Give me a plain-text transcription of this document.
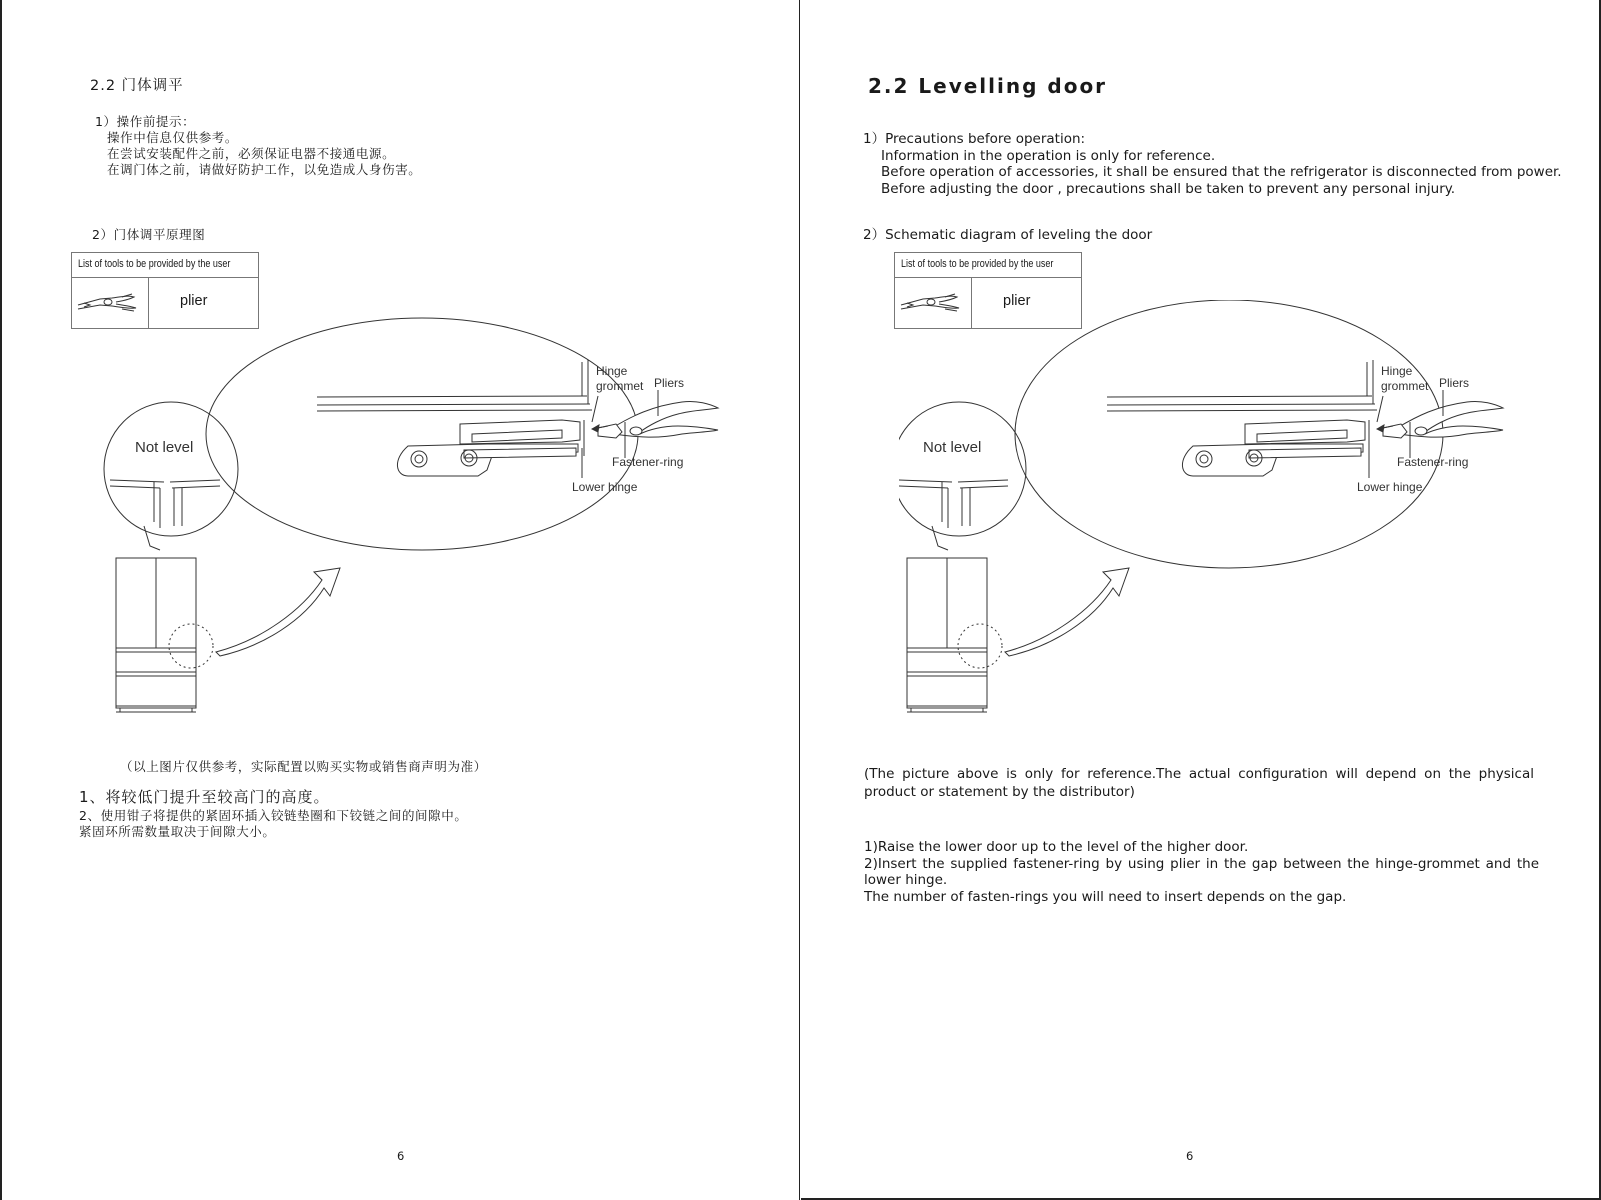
2.2 门体调平
1）操作前提示：
操作中信息仅供参考。
在尝试安装配件之前，必须保证电器不接通电源。
在调门体之前，请做好防护工作，以免造成人身伤害。
2）门体调平原理图
List of tools to be provided by the user
plier
Hinge
grommet Pliers
Fastener-ring
Lower hinge
Not level
（以上图片仅供参考，实际配置以购买实物或销售商声明为准）
1、将较低门提升至较高门的高度。
2、使用钳子将提供的紧固环插入铰链垫圈和下铰链之间的间隙中。
紧固环所需数量取决于间隙大小。
6
2.2 Levelling door
1）Precautions before operation:
Information in the operation is only for reference.
Before operation of accessories, it shall be ensured that the refrigerator is disconnected from power.
Before adjusting the door , precautions shall be taken to prevent any personal injury.
2）Schematic diagram of leveling the door
List of tools to be provided by the user
plier
Hinge
grommet Pliers
Fastener-ring
Lower hinge
Not level
(The picture above is only for reference.The actual configuration will depend on the physical product or statement by the distributor)
1)Raise the lower door up to the level of the higher door.
2)Insert the supplied fastener-ring by using plier in the gap between the hinge-grommet and the lower hinge.
The number of fasten-rings you will need to insert depends on the gap.
6
